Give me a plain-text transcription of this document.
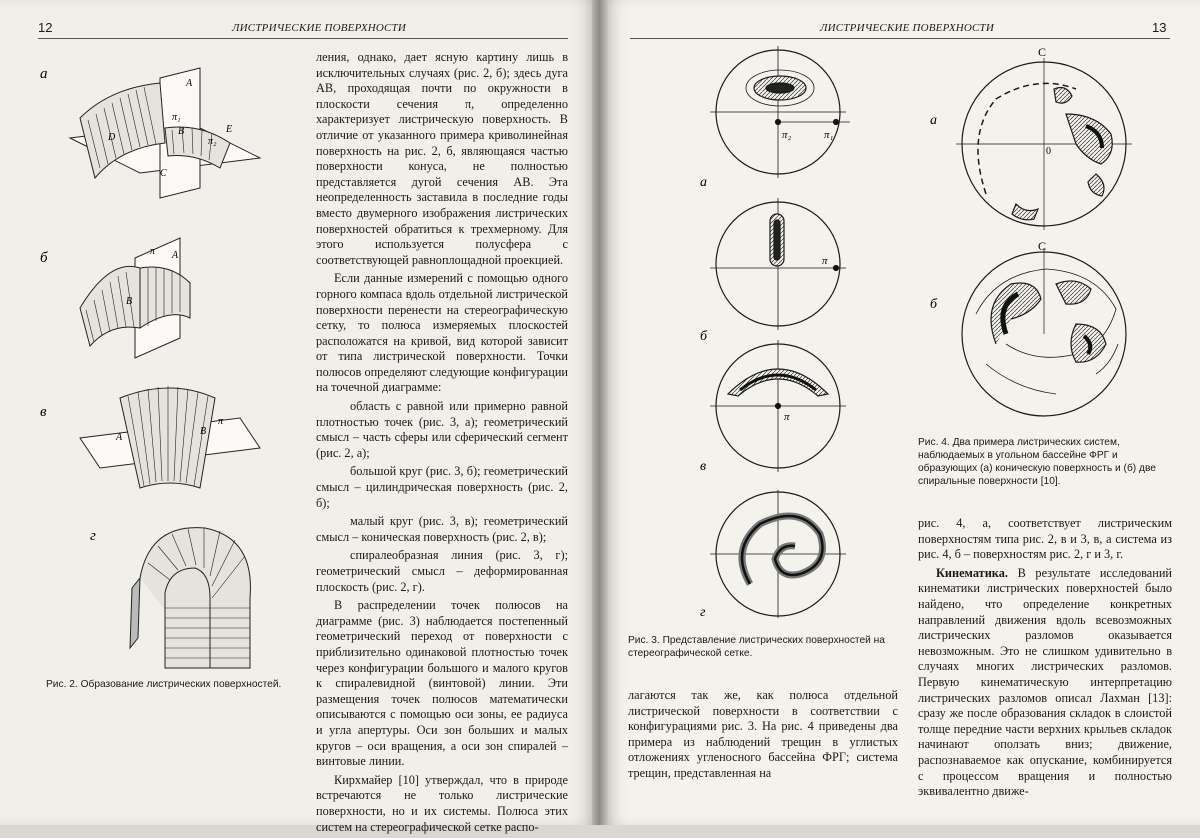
12	ЛИСТРИЧЕСКИЕ ПОВЕРХНОСТИ
а
A
π₁
D
B
π₂
E
C
б	π A
B
в
A
B
π
г
Рис. 2. Образование листрических поверхностей.

ления, однако, дает ясную картину лишь в исключительных случаях (рис. 2, б); здесь дуга AB, проходящая почти по окружности в плоскости сечения π, определенно характеризует листрическую поверхность. В отличие от указанного примера криволинейная поверхность на рис. 2, б, являющаяся частью поверхности конуса, не полностью представляется дугой сечения AB. Эта неопределенность заставила в последние годы вместо двумерного изображения листрических поверхностей обратиться к трехмерному. Для этого используется полусфера с соответствующей равноплощадной проекцией.

Если данные измерений с помощью одного горного компаса вдоль отдельной листрической поверхности перенести на стереографическую сетку, то полюса измеряемых плоскостей расположатся на кривой, вид которой зависит от типа листрической поверхности. Точки полюсов определяют следующие конфигурации на точечной диаграмме:

область с равной или примерно равной плотностью точек (рис. 3, а); геометрический смысл – часть сферы или сферический сегмент (рис. 2, а);

большой круг (рис. 3, б); геометрический смысл – цилиндрическая поверхность (рис. 2, б);

малый круг (рис. 3, в); геометрический смысл – коническая поверхность (рис. 2, в);

спиралеобразная линия (рис. 3, г); геометрический смысл – деформированная плоскость (рис. 2, г).

В распределении точек полюсов на диаграмме (рис. 3) наблюдается постепенный геометрический переход от поверхности с приблизительно одинаковой плотностью точек через конфигурации большого и малого кругов к спиралевидной (винтовой) линии. Эти размещения точек полюсов математически описываются с помощью оси зоны, ее радиуса и угла апертуры. Оси зон больших и малых кругов – оси вращения, а оси зон спиралей – винтовые линии.

Кирхмайер [10] утверждал, что в природе встречаются не только листрические поверхности, но и их системы. Полюса этих систем на стереографической сетке распо-

ЛИСТРИЧЕСКИЕ ПОВЕРХНОСТИ	13
а
б
в
г
π₂	π₁
π
π
Рис. 3. Представление листрических поверхностей на стереографической сетке.

лагаются так же, как полюса отдельной листрической поверхности в соответствии с конфигурациями рис. 3. На рис. 4 приведены два примера из наблюдений трещин в углистых отложениях угленосного бассейна ФРГ; система трещин, представленная на

С
0
С
а
б
Рис. 4. Два примера листрических систем, наблюдаемых в угольном бассейне ФРГ и образующих (а) коническую поверхность и (б) две спиральные поверхности [10].

рис. 4, а, соответствует листрическим поверхностям типа рис. 2, в и 3, в, а система из рис. 4, б – поверхностям рис. 2, г и 3, г.

Кинематика. В результате исследований кинематики листрических поверхностей было найдено, что определение конкретных направлений движения вдоль всевозможных листрических разломов оказывается невозможным. Это не слишком удивительно в случаях многих листрических разломов. Первую кинематическую интерпретацию листрических разломов описал Лахман [13]: сразу же после образования складок в слоистой толще передние части верхних крыльев складок начинают оползать вниз; движение, распознаваемое как опускание, комбинируется с процессом вращения и полностью эквивалентно движе-
